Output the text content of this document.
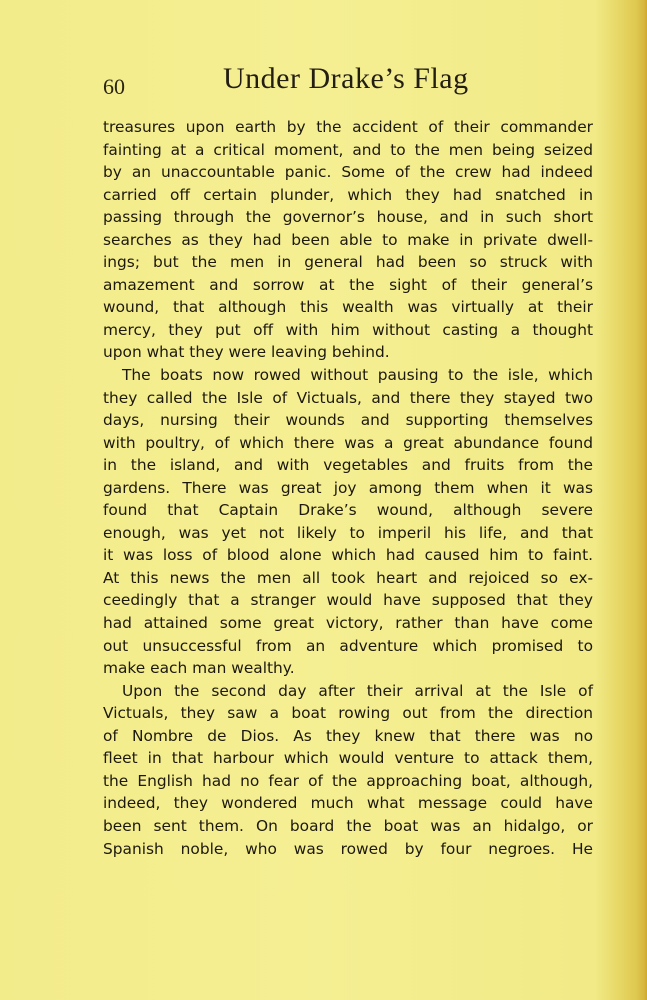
60	Under Drake’s Flag
treasures upon earth by the accident of their commander
fainting at a critical moment, and to the men being seized
by an unaccountable panic. Some of the crew had indeed
carried off certain plunder, which they had snatched in
passing through the governor’s house, and in such short
searches as they had been able to make in private dwell-
ings; but the men in general had been so struck with
amazement and sorrow at the sight of their general’s
wound, that although this wealth was virtually at their
mercy, they put off with him without casting a thought
upon what they were leaving behind.
The boats now rowed without pausing to the isle, which
they called the Isle of Victuals, and there they stayed two
days, nursing their wounds and supporting themselves
with poultry, of which there was a great abundance found
in the island, and with vegetables and fruits from the
gardens. There was great joy among them when it was
found that Captain Drake’s wound, although severe
enough, was yet not likely to imperil his life, and that
it was loss of blood alone which had caused him to faint.
At this news the men all took heart and rejoiced so ex-
ceedingly that a stranger would have supposed that they
had attained some great victory, rather than have come
out unsuccessful from an adventure which promised to
make each man wealthy.
Upon the second day after their arrival at the Isle of
Victuals, they saw a boat rowing out from the direction
of Nombre de Dios. As they knew that there was no
fleet in that harbour which would venture to attack them,
the English had no fear of the approaching boat, although,
indeed, they wondered much what message could have
been sent them. On board the boat was an hidalgo, or
Spanish noble, who was rowed by four negroes. He
